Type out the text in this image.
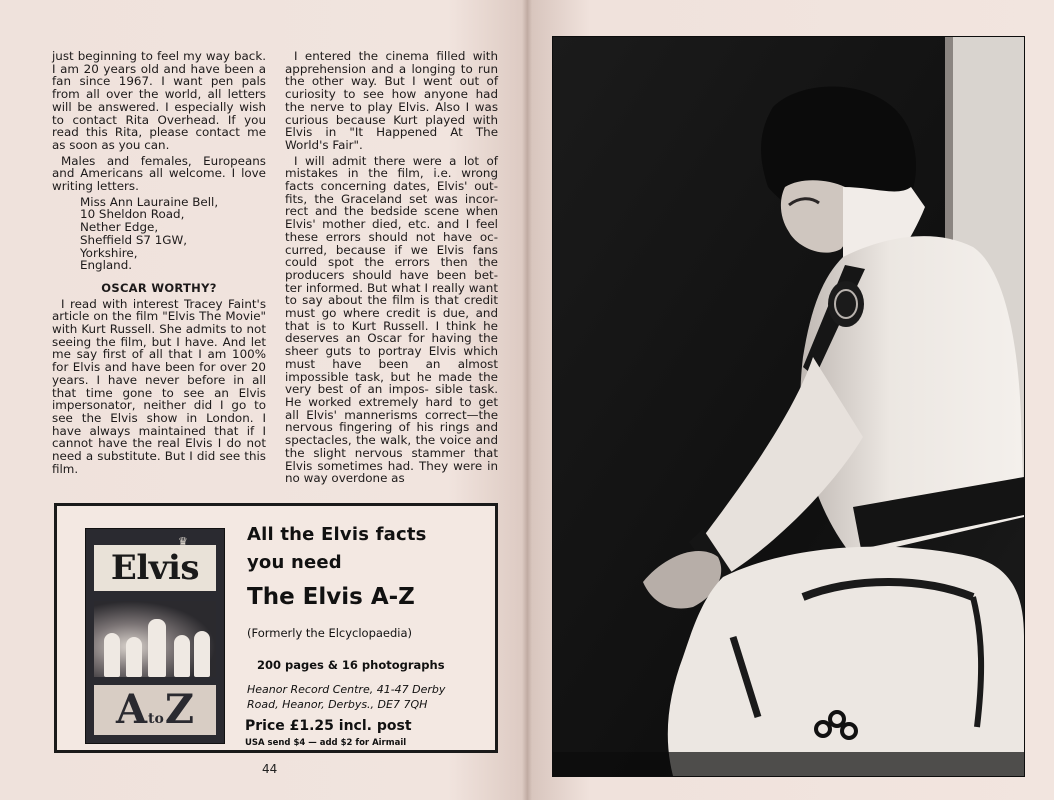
just beginning to feel my way back. I am 20 years old and have been a fan since 1967. I want pen pals from all over the world, all letters will be answered. I especially wish to contact Rita Overhead. If you read this Rita, please contact me as soon as you can.

Males and females, Europeans and Americans all welcome. I love writing letters.

Miss Ann Lauraine Bell,
10 Sheldon Road,
Nether Edge,
Sheffield S7 1GW,
Yorkshire,
England.
OSCAR WORTHY?

I read with interest Tracey Faint's article on the film "Elvis The Movie" with Kurt Russell. She admits to not seeing the film, but I have. And let me say first of all that I am 100% for Elvis and have been for over 20 years. I have never before in all that time gone to see an Elvis impersonator, neither did I go to see the Elvis show in London. I have always maintained that if I cannot have the real Elvis I do not need a substitute. But I did see this film.

I entered the cinema filled with apprehension and a longing to run the other way. But I went out of curiosity to see how anyone had the nerve to play Elvis. Also I was curious because Kurt played with Elvis in "It Happened At The World's Fair".

I will admit there were a lot of mistakes in the film, i.e. wrong facts concerning dates, Elvis' out- fits, the Graceland set was incor- rect and the bedside scene when Elvis' mother died, etc. and I feel these errors should not have oc- curred, because if we Elvis fans could spot the errors then the producers should have been bet- ter informed. But what I really want to say about the film is that credit must go where credit is due, and that is to Kurt Russell. I think he deserves an Oscar for having the sheer guts to portray Elvis which must have been an almost impossible task, but he made the very best of an impos- sible task. He worked extremely hard to get all Elvis' mannerisms correct—the nervous fingering of his rings and spectacles, the walk, the voice and the slight nervous stammer that Elvis sometimes had. They were in no way overdone as

Elvis
♛
AtoZ
All the Elvis facts
you need
The Elvis A-Z
(Formerly the Elcyclopaedia)
200 pages & 16 photographs
Heanor Record Centre, 41-47 Derby
Road, Heanor, Derbys., DE7 7QH
Price £1.25 incl. post
USA send $4 — add $2 for Airmail
44
